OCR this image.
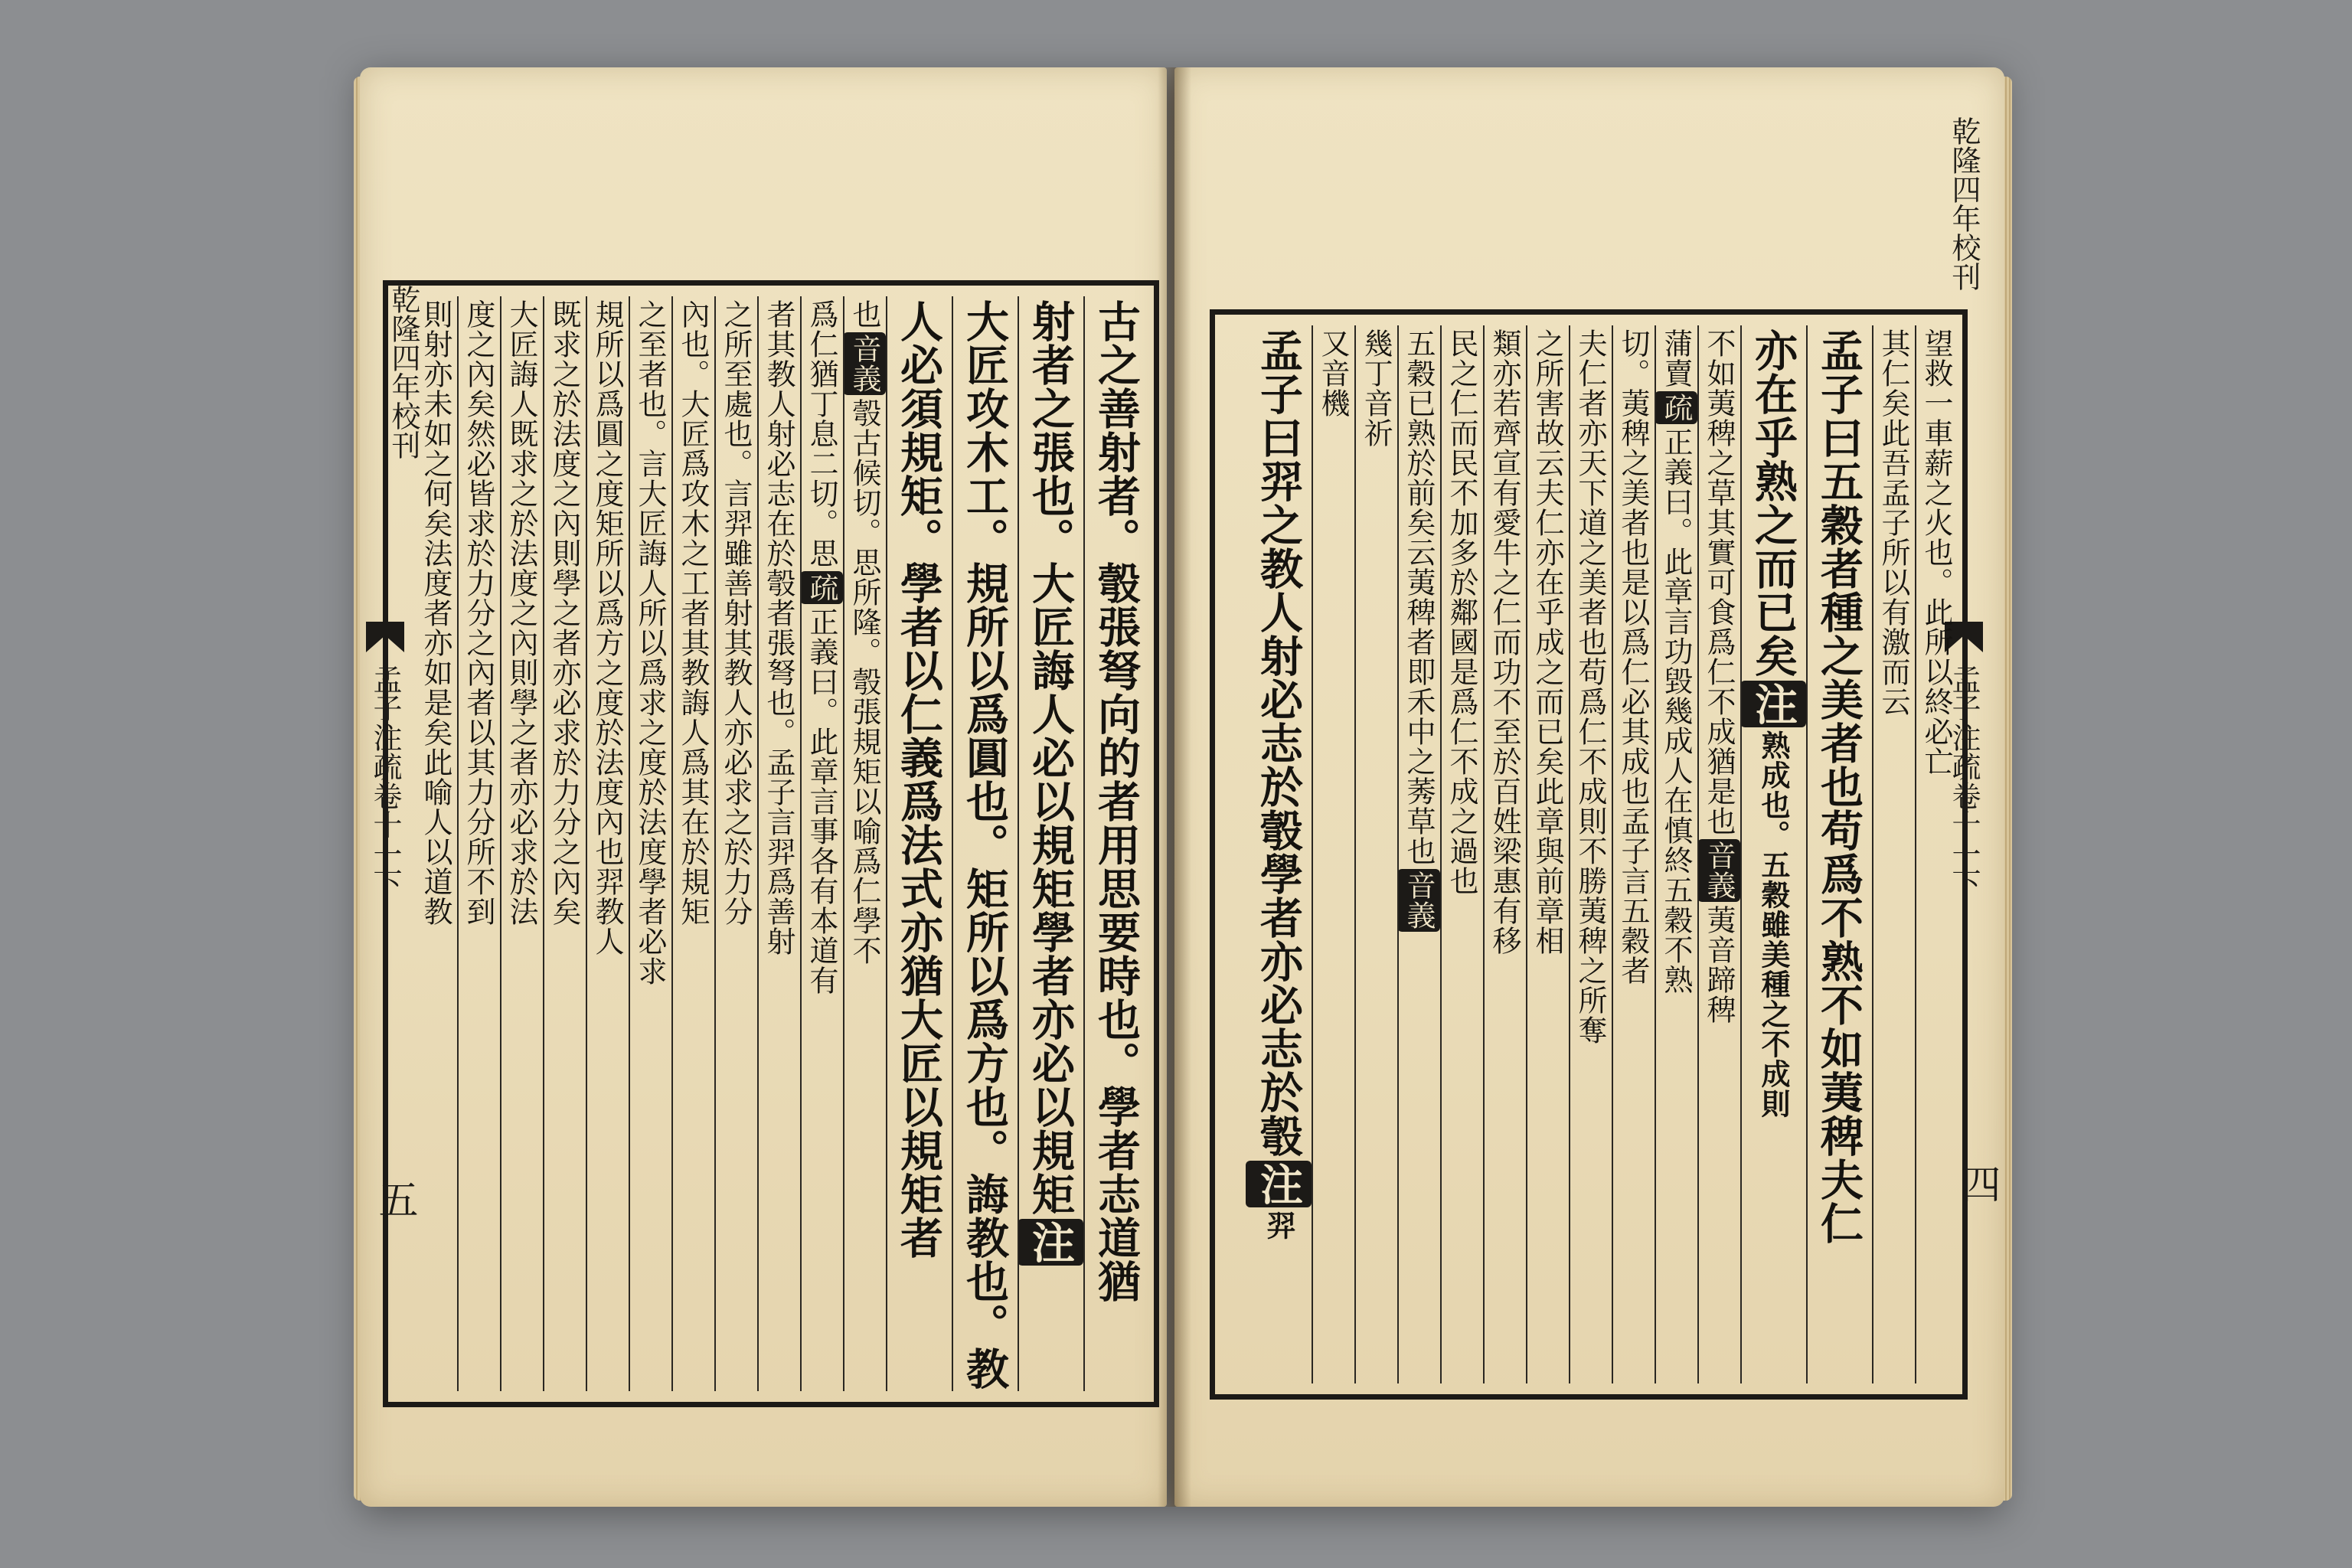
乾隆四年校刊
孟子注疏卷十一下
五
乾隆四年校刊
孟子注疏卷十一下
四
古之善射者。彀張弩向的者用思要時也。學者志道猶
射者之張也。大匠誨人必以規矩學者亦必以規矩注
大匠攻木工。規所以爲圓也。矩所以爲方也。誨教也。教
人必須規矩。學者以仁義爲法式亦猶大匠以規矩者
也音義彀古候切。思所隆。彀張規矩以喻爲仁學不
爲仁猶丁息二切。思疏正義曰。此章言事各有本道有
者其教人射必志在於彀者張弩也。孟子言羿爲善射
之所至處也。言羿雖善射其教人亦必求之於力分
內也。大匠爲攻木之工者其教誨人爲其在於規矩
之至者也。言大匠誨人所以爲求之度於法度學者必求
規所以爲圓之度矩所以爲方之度於法度內也羿教人
既求之於法度之內則學之者亦必求於力分之內矣
大匠誨人既求之於法度之內則學之者亦必求於法
度之內矣然必皆求於力分之內者以其力分所不到
則射亦未如之何矣法度者亦如是矣此喻人以道教	望救一車薪之火也。此所以終必亡
其仁矣此吾孟子所以有激而云
孟子曰五穀者種之美者也苟爲不熟不如荑稗夫仁
亦在乎熟之而已矣注熟成也。五穀雖美種之不成則
不如荑稗之草其實可食爲仁不成猶是也音義荑音蹄稗
蒲賣疏正義曰。此章言功毀幾成人在慎終五穀不熟
切。荑稗之美者也是以爲仁必其成也孟子言五穀者
夫仁者亦天下道之美者也苟爲仁不成則不勝荑稗之所奪
之所害故云夫仁亦在乎成之而已矣此章與前章相
類亦若齊宣有愛牛之仁而功不至於百姓梁惠有移
民之仁而民不加多於鄰國是爲仁不成之過也
五穀已熟於前矣云荑稗者即禾中之莠草也音義
幾丁音祈
又音機
孟子曰羿之教人射必志於彀學者亦必志於彀注羿
